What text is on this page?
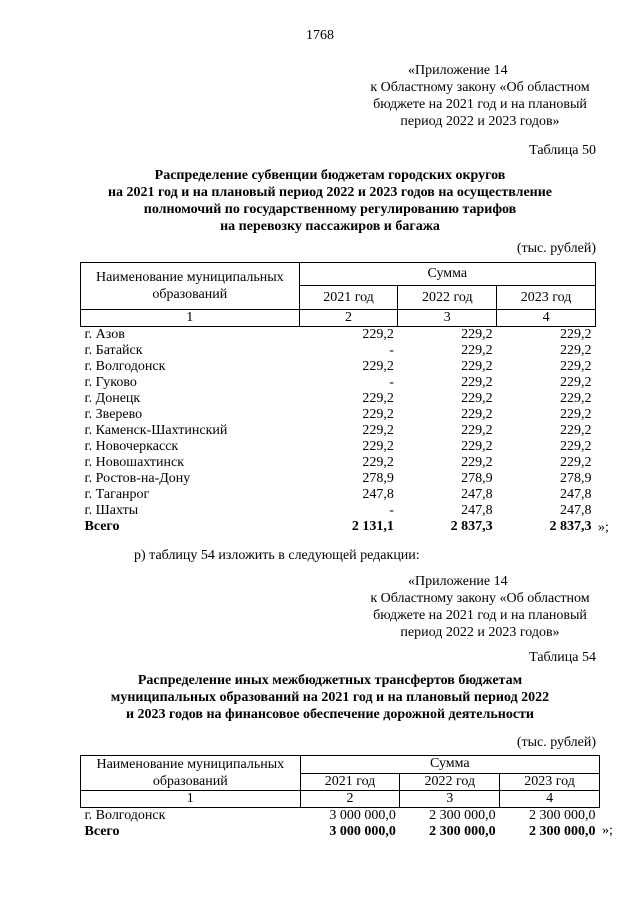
1768
«Приложение 14
к Областному закону «Об областном
бюджете на 2021 год и на плановый
период 2022 и 2023 годов»
Таблица 50
Распределение субвенции бюджетам городских округов
на 2021 год и на плановый период 2022 и 2023 годов на осуществление
полномочий по государственному регулированию тарифов
на перевозку пассажиров и багажа
(тыс. рублей)
Наименование муниципальных образований	Сумма		
	2021 год	2022 год	2023 год
1	2	3	4
г. Азов	229,2	229,2	229,2
г. Батайск	-	229,2	229,2
г. Волгодонск	229,2	229,2	229,2
г. Гуково	-	229,2	229,2
г. Донецк	229,2	229,2	229,2
г. Зверево	229,2	229,2	229,2
г. Каменск-Шахтинский	229,2	229,2	229,2
г. Новочеркасск	229,2	229,2	229,2
г. Новошахтинск	229,2	229,2	229,2
г. Ростов-на-Дону	278,9	278,9	278,9
г. Таганрог	247,8	247,8	247,8
г. Шахты	-	247,8	247,8
Всего	2 131,1	2 837,3	2 837,3 »;
р) таблицу 54 изложить в следующей редакции:
«Приложение 14
к Областному закону «Об областном
бюджете на 2021 год и на плановый
период 2022 и 2023 годов»
Таблица 54
Распределение иных межбюджетных трансфертов бюджетам
муниципальных образований на 2021 год и на плановый период 2022
и 2023 годов на финансовое обеспечение дорожной деятельности
(тыс. рублей)
Наименование муниципальных образований	Сумма		
	2021 год	2022 год	2023 год
1	2	3	4
г. Волгодонск	3 000 000,0	2 300 000,0	2 300 000,0
Всего	3 000 000,0	2 300 000,0	2 300 000,0 »;
